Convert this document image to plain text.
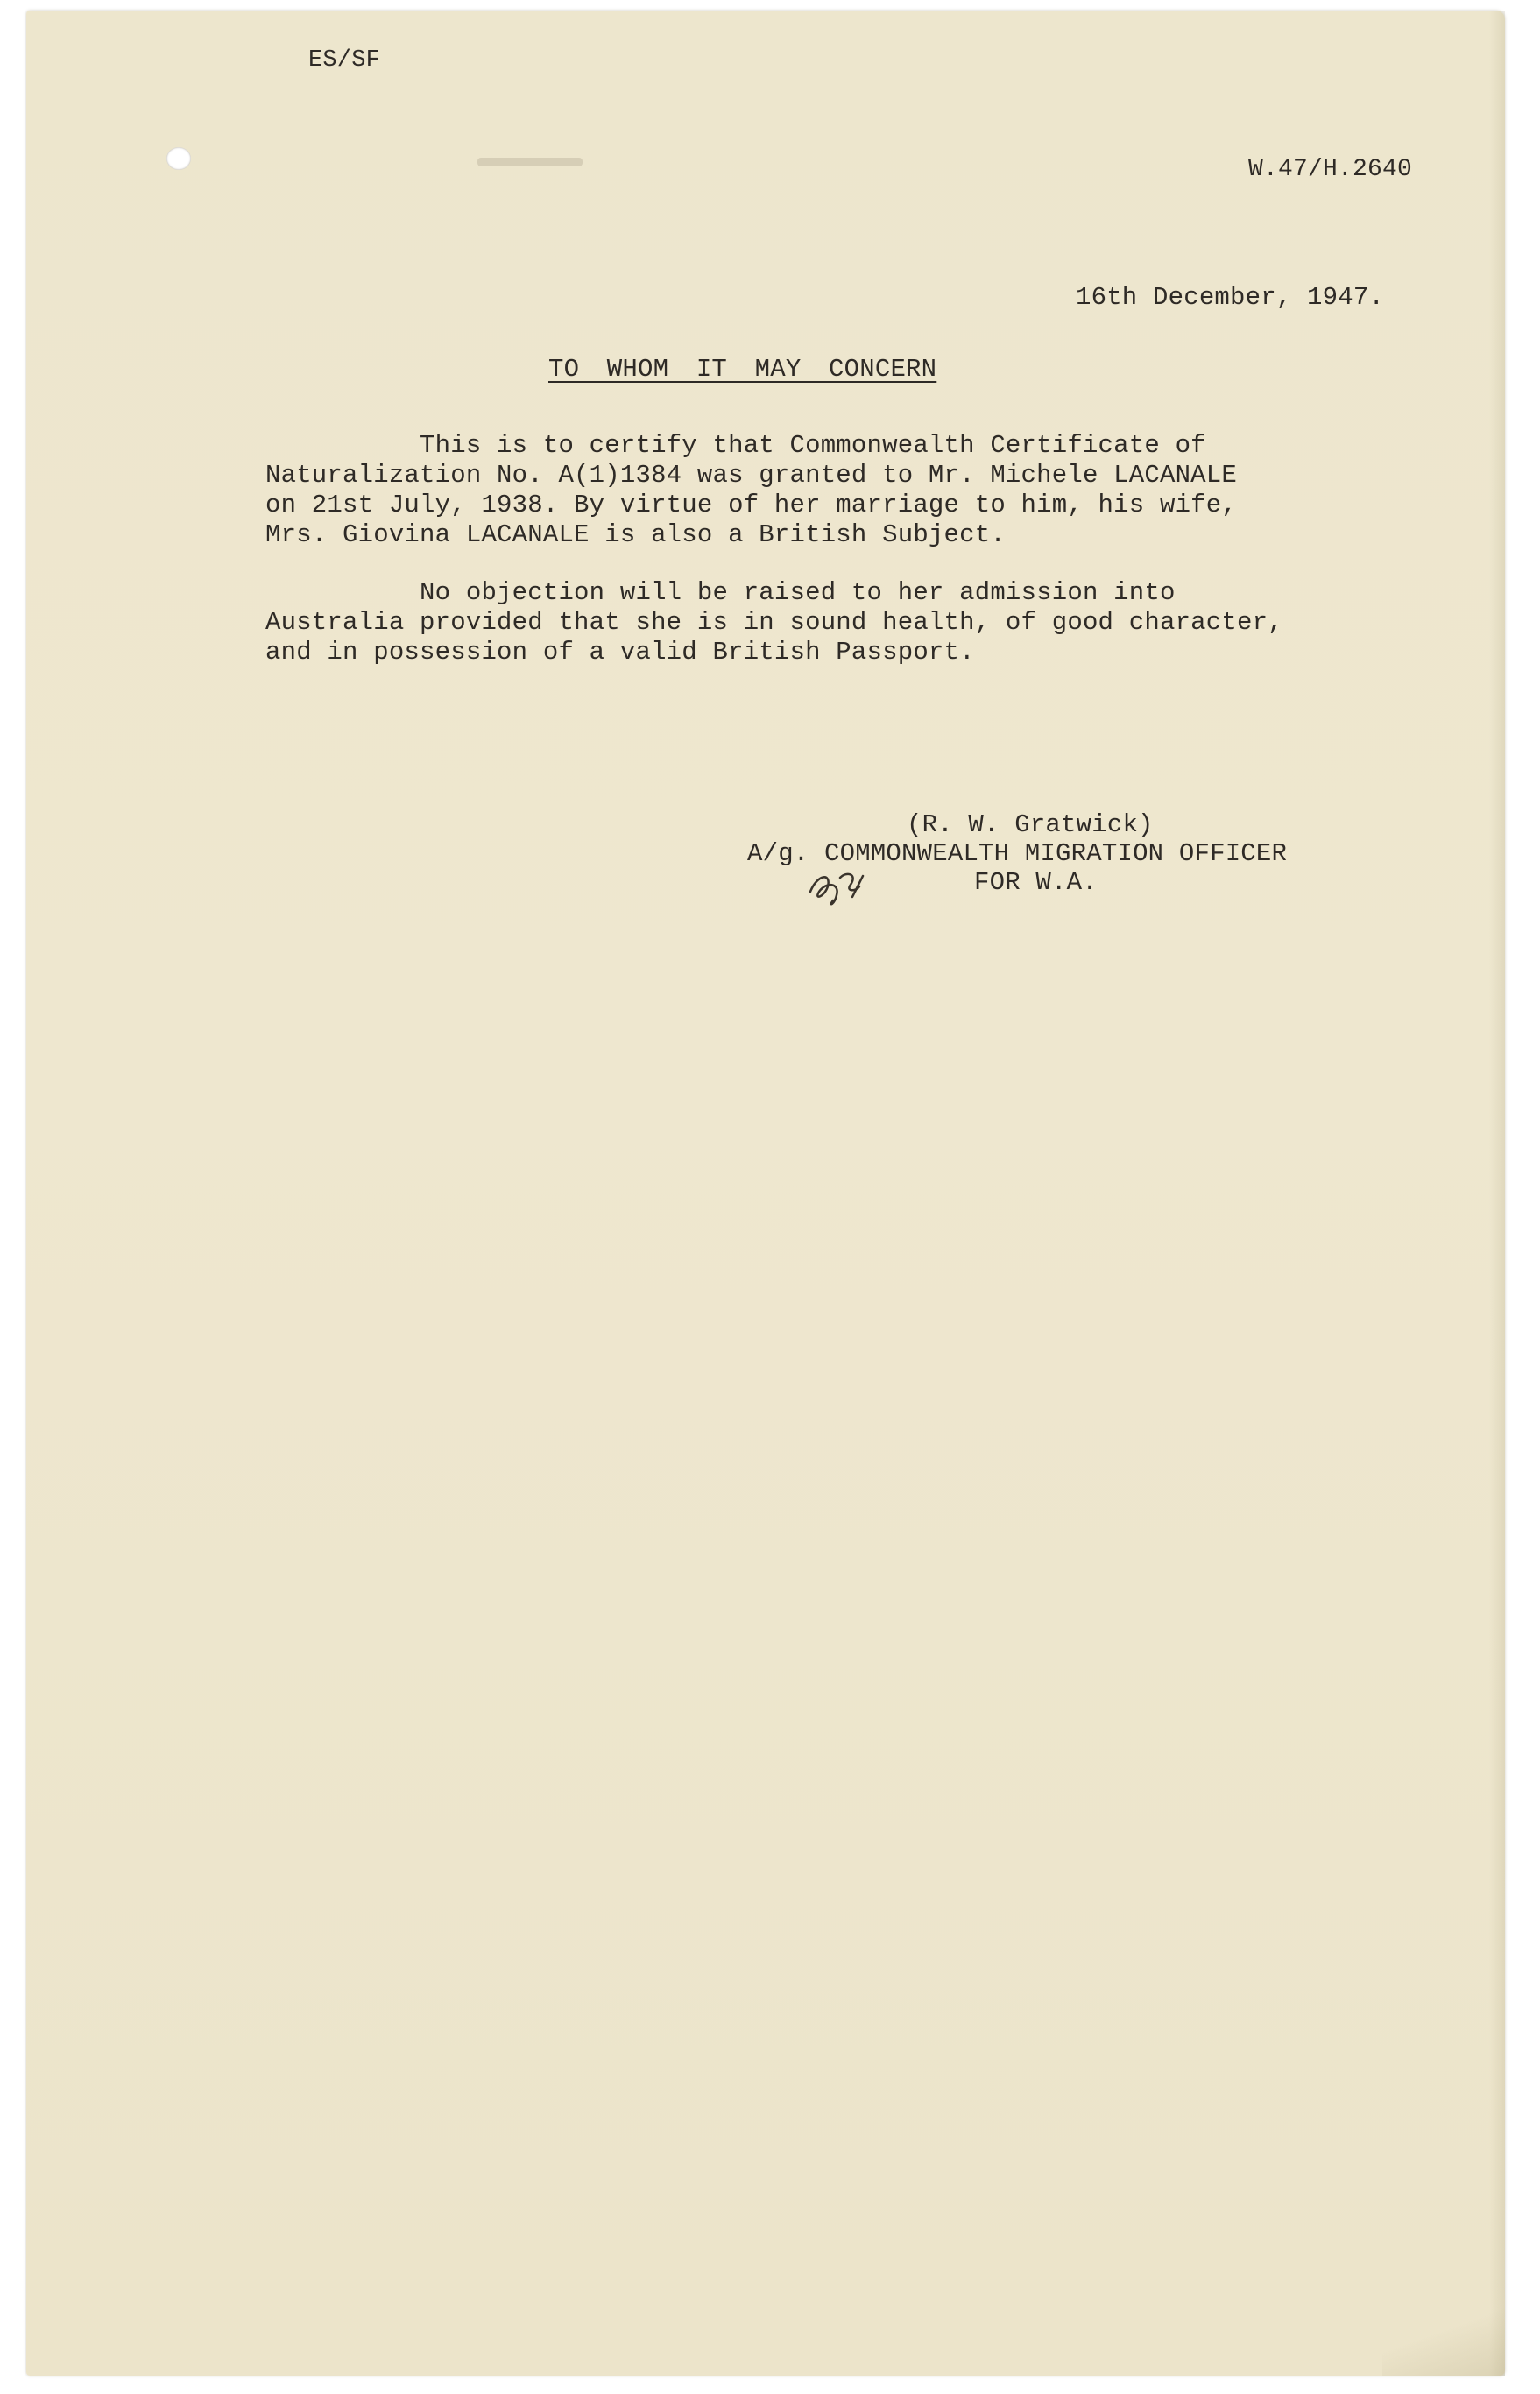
ES/SF
W.47/H.2640
16th December, 1947.
TO WHOM IT MAY CONCERN
This is to certify that Commonwealth Certificate of
Naturalization No. A(1)1384 was granted to Mr. Michele LACANALE
on 21st July, 1938. By virtue of her marriage to him, his wife,
Mrs. Giovina LACANALE is also a British Subject.
No objection will be raised to her admission into
Australia provided that she is in sound health, of good character,
and in possession of a valid British Passport.
(R. W. Gratwick)
A/g. COMMONWEALTH MIGRATION OFFICER
FOR W.A.
